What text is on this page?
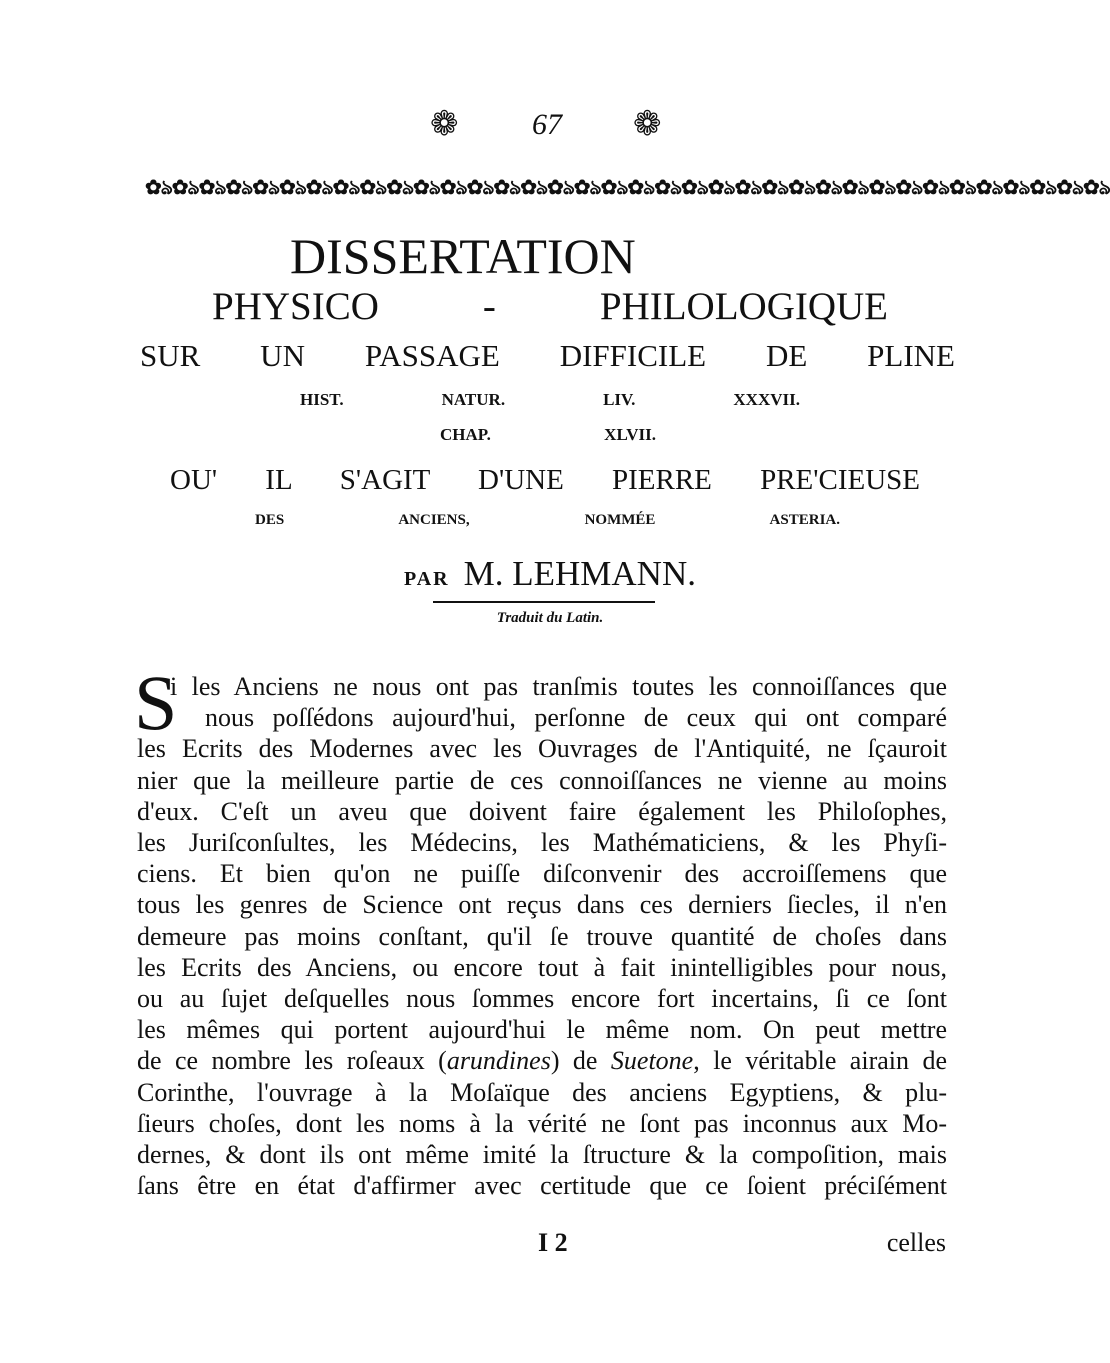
❁ 67 ❁
✿ঌ✿ঌ✿ঌ✿ঌ✿ঌ✿ঌ✿ঌ✿ঌ✿ঌ✿ঌ✿ঌ✿ঌ✿ঌ✿ঌ✿ঌ✿ঌ✿ঌ✿ঌ✿ঌ✿ঌ✿ঌ✿ঌ✿ঌ✿ঌ✿ঌ✿ঌ✿ঌ✿ঌ✿ঌ✿ঌ✿ঌ✿ঌ✿ঌ✿ঌ✿ঌ✿ঌ
DISSERTATION
PHYSICO - PHILOLOGIQUE
SUR UN PASSAGE DIFFICILE DE PLINE
HIST. NATUR. LIV. XXXVII.
CHAP. XLVII.
OU' IL S'AGIT D'UNE PIERRE PRE'CIEUSE
DES ANCIENS, NOMMÉE ASTERIA.
PAR M. LEHMANN.
Traduit du Latin.
S
i les Anciens ne nous ont pas tranſmis toutes les connoiſſances que
nous poſſédons aujourd'hui, perſonne de ceux qui ont comparé
les Ecrits des Modernes avec les Ouvrages de l'Antiquité, ne ſçauroit
nier que la meilleure partie de ces connoiſſances ne vienne au moins
d'eux. C'eſt un aveu que doivent faire également les Philoſophes,
les Juriſconſultes, les Médecins, les Mathématiciens, & les Phyſi-
ciens. Et bien qu'on ne puiſſe diſconvenir des accroiſſemens que
tous les genres de Science ont reçus dans ces derniers ſiecles, il n'en
demeure pas moins conſtant, qu'il ſe trouve quantité de choſes dans
les Ecrits des Anciens, ou encore tout à fait inintelligibles pour nous,
ou au ſujet deſquelles nous ſommes encore fort incertains, ſi ce ſont
les mêmes qui portent aujourd'hui le même nom. On peut mettre
de ce nombre les roſeaux (arundines) de Suetone, le véritable airain de
Corinthe, l'ouvrage à la Moſaïque des anciens Egyptiens, & plu-
ſieurs choſes, dont les noms à la vérité ne ſont pas inconnus aux Mo-
dernes, & dont ils ont même imité la ſtructure & la compoſition, mais
ſans être en état d'affirmer avec certitude que ce ſoient préciſément
I 2	celles
